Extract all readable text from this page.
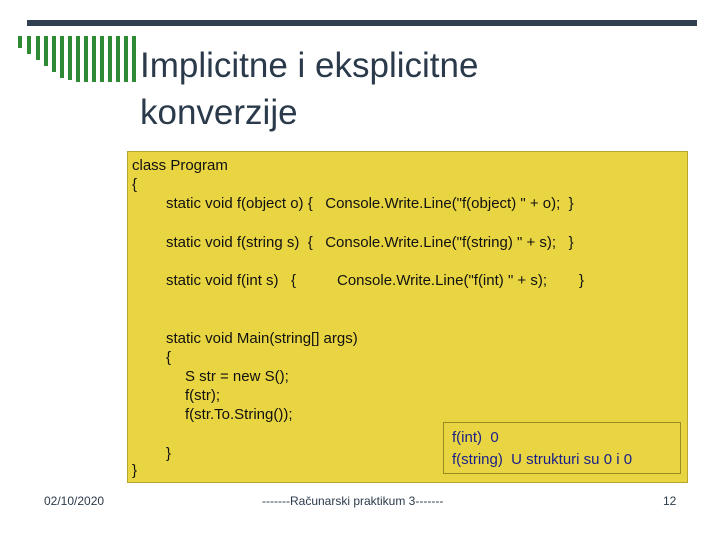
Implicitne i eksplicitne
konverzije
class Program
{
static void f(object o) {   Console.Write.Line("f(object) " + o);  }
static void f(string s)  {   Console.Write.Line("f(string) " + s);   }
static void f(int s)   {	Console.Write.Line("f(int) " + s); }
static void Main(string[] args)
{
S str = new S();
f(str);
f(str.To.String());
}
}
f(int)  0
f(string)  U strukturi su 0 i 0
02/10/2020	-------Računarski praktikum 3-------	12
